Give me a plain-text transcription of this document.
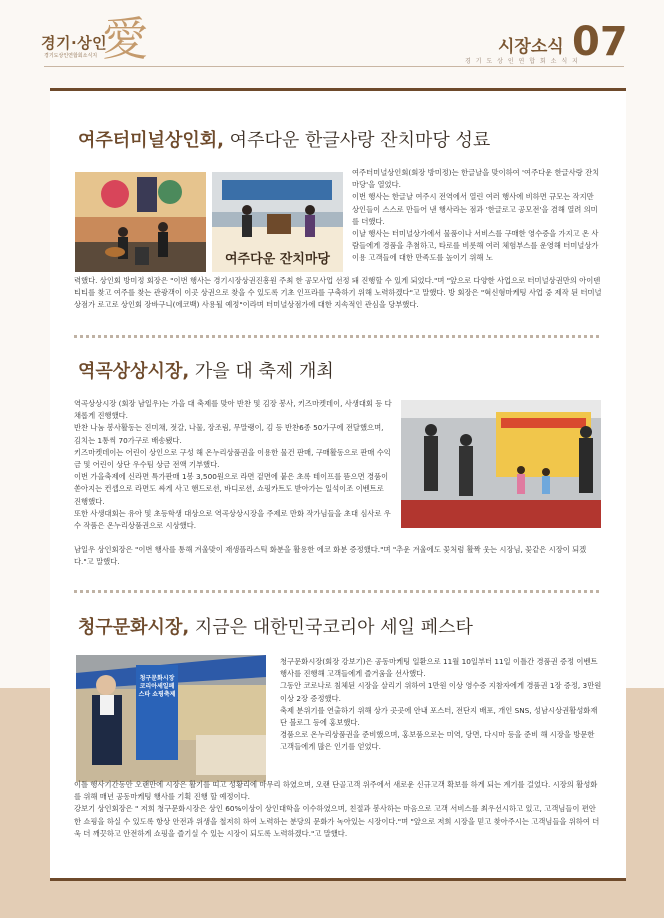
경기·상인
경기도상인연합회소식지 愛	시장소식
경 기 도 상 인 연 합 회 소 식 지
07
여주터미널상인회, 여주다운 한글사랑 잔치마당 성료
여주다운 잔치마당

여주터미널상인회(회장 방미정)는 한글날을 맞이하여 '여주다운 한글사랑 잔치마당'을 열었다.
이번 행사는 한글날 여주시 전역에서 열린 여러 행사에 비하면 규모는 작지만 상인들이 스스로 만들어 낸 행사라는 점과 '한글로고 공모전'을 겸해 열려 의미를 더했다.
이날 행사는 터미널상가에서 물품이나 서비스를 구매한 영수증을 가지고 온 사람들에게 경품을 추첨하고, 타로를 비롯해 여러 체험부스를 운영해 터미널상가 이용 고객들에 대한 만족도를 높이기 위해 노

력했다. 상인회 방미정 회장은 "이번 행사는 경기시장상권진흥원 주최 한 공모사업 선정 돼 진행할 수 있게 되었다."며 "앞으로 다양한 사업으로 터미널상권만의 아이덴티티를 찾고 여주를 찾는 관광객이 이곳 상권으로 찾을 수 있도록 기초 인프라를 구축하기 위해 노력하겠다"고 말했다. 방 회장은 "혁신형마케팅 사업 중 제작 된 터미널상점가 로고로 상인회 장바구니(에코백) 사용될 예정"이라며 터미널상점가에 대한 지속적인 관심을 당부했다.

역곡상상시장, 가을 대 축제 개최

역곡상상시장 (회장 남일우)는 가을 대 축제를 맞아 반찬 및 김장 봉사, 키즈마켓데이, 사생대회 등 다채롭게 진행했다.
반찬 나눔 봉사활동는 진미채, 젓갈, 나물, 장조림, 무말랭이, 김 등 반찬6종 50가구에 전달했으며, 김치는 1통씩 70가구로 배송됐다.
키즈마켓데이는 어린이 상인으로 구성 해 온누리상품권을 이용한 물건 판매, 구매활동으로 판매 수익금 및 어린이 상단 우수팀 상금 전액 기부했다.
이번 가을축제에 신라면 특가판매 1봉 3,500원으로 라면 겉면에 붙은 초록 테이프를 뜯으면 경품이 쏟아지는 컨셉으로 라면도 싸게 사고 핸드로션, 바디로션, 쇼핑카트도 받아가는 일석이조 이벤트로 진행했다.
또한 사생대회는 유아 및 초등학생 대상으로 역곡상상시장을 주제로 만화 작가님들을 초대 심사로 우수 작품은 온누리상품권으로 시상했다.

남일우 상인회장은 "이번 행사를 통해 겨울맞이 재생플라스틱 화분을 활용한 에코 화분 증정했다."며 "추운 겨울에도 꽃처럼 활짝 웃는 시장님, 꽃같은 시장이 되겠다."고 말했다.

청구문화시장, 지금은 대한민국코리아 세일 페스타
청구문화시장 코리아세일페스타 쇼핑축제

청구문화시장(회장 강보기)은 공동마케팅 일환으로 11월 10일부터 11일 이틀간 경품권 증정 이벤트 행사를 진행해 고객들에게 즐거움을 선사했다.
그동안 코로나로 침체된 시장을 살리기 위하여 1만원 이상 영수증 지참자에게 경품권 1장 증정, 3만원 이상 2장 증정했다.
축제 분위기를 연출하기 위해 상가 곳곳에 안내 포스터, 전단지 배포, 개인 SNS, 성남시상권활성화재단 블로그 등에 홍보했다.
경품으로 온누리상품권을 준비했으며, 홍보품으로는 미역, 당면, 다시마 등을 준비 해 시장을 방문한 고객들에게 많은 인기를 얻었다.

이틀 행사기간동안 오랜만에 시장은 활기를 띠고 성황리에 마무리 하였으며, 오랜 단골고객 위주에서 새로운 신규고객 확보를 하게 되는 계기를 걸었다. 시장의 활성화를 위해 매년 공동마케팅 행사를 기획 진행 할 예정이다.
강보기 상인회장은 " 저희 청구문화시장은 상인 60%이상이 상인대학을 이수하였으며, 친절과 봉사하는 마음으로 고객 서비스를 최우선시하고 있고, 고객님들이 편안한 쇼핑을 하실 수 있도록 항상 안전과 위생을 철저히 하여 노력하는 분당의 문화가 녹아있는 시장이다."며 "앞으로 저희 시장을 믿고 찾아주시는 고객님들을 위하여 더욱 더 깨끗하고 안전하게 쇼핑을 즐기실 수 있는 시장이 되도록 노력하겠다."고 말했다.
